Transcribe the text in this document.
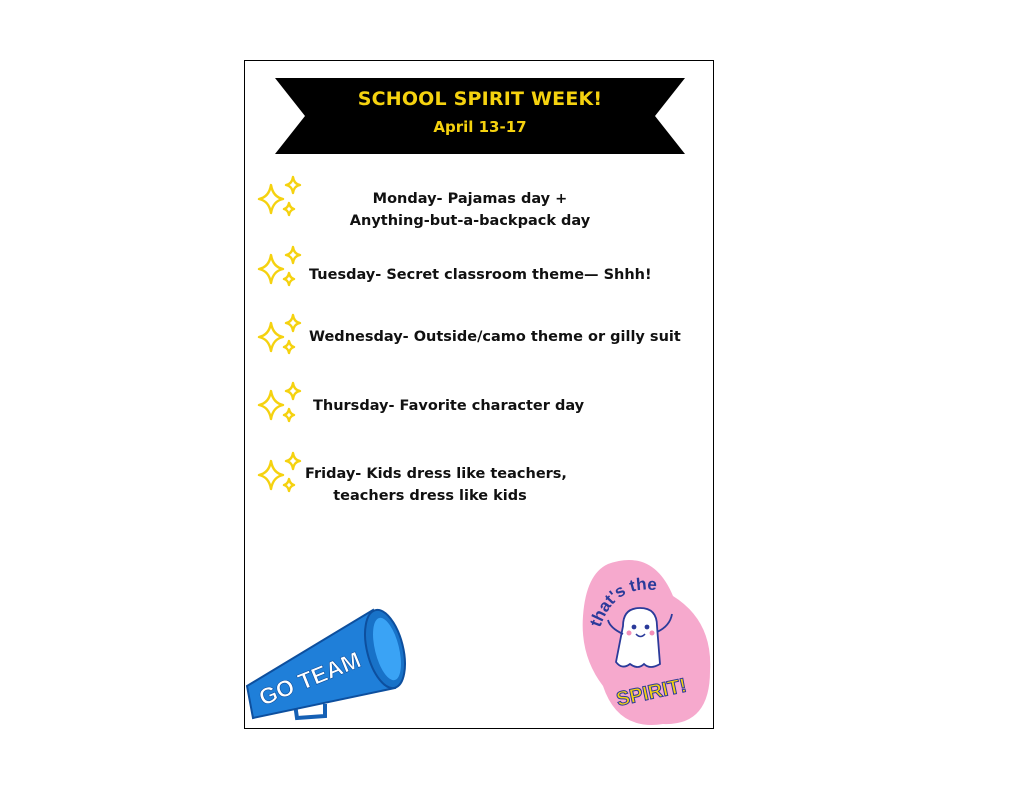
SCHOOL SPIRIT WEEK!
April 13-17
Monday- Pajamas day +
Anything-but-a-backpack day
Tuesday- Secret classroom theme— Shhh!
Wednesday- Outside/camo theme or gilly suit
Thursday- Favorite character day
Friday- Kids dress like teachers,
teachers dress like kids
GO TEAM
that's the
SPIRIT!
